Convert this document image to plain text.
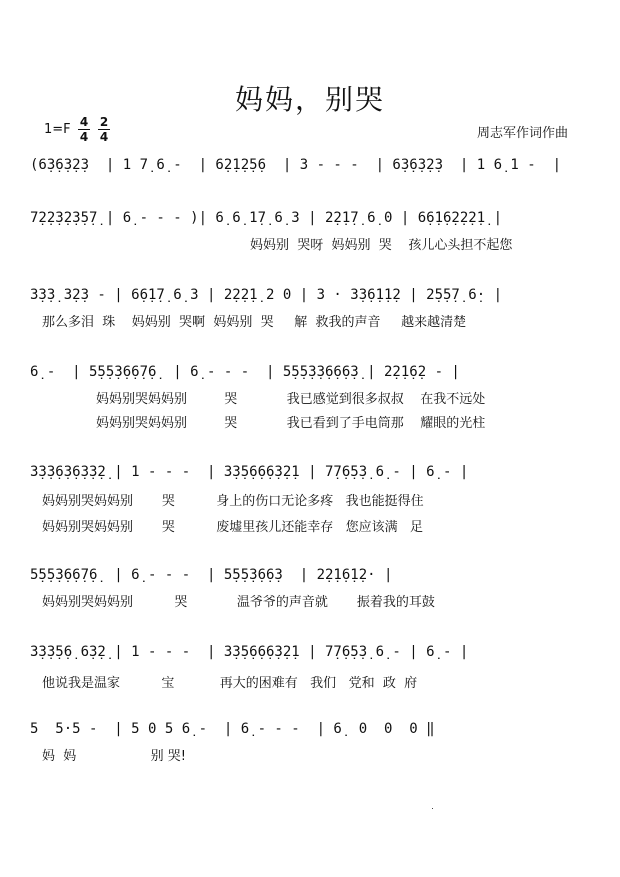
妈妈，别哭
1=F 4
4
2
4	周志军作词作曲
(6̣3̣6̣3̣2̣3  | 1 7̣ 6̣ -  | 6̣2̣1̣2̣5̣6  | 3 - - -  | 6̣3̣6̣3̣2̣3  | 1 6̣ 1 -  |
7̣2̣2̣3̣2̣3̣5̣7̣ | 6̣ - - - )| 6̣ 6̣ 1̣7̣ 6̣ 3 | 2̣2̣1̣7̣ 6̣ 0 | 6̣6̣1̣6̣2̣2̣2̣1̣ |
妈妈别  哭呀  妈妈别  哭    孩儿心头担不起您
3̣3̣3̣ 3̣2̣3 - | 6̣6̣1̣7̣ 6̣ 3 | 2̣2̣2̣1̣ 2 0 | 3 · 3̣3̣6̣1̣1̣2 | 2̣5̣5̣7̣ 6̣· |
那么多泪  珠    妈妈别  哭啊  妈妈别  哭     解  救我的声音     越来越清楚
6̣ -  | 5̣5̣5̣3̣6̣6̣7̣6̣  | 6̣ - - -  | 5̣5̣5̣3̣3̣6̣6̣6̣3̣ | 2̣2̣1̣6̣2 - |
妈妈别哭妈妈别         哭            我已感觉到很多叔叔    在我不远处
妈妈别哭妈妈别         哭            我已看到了手电筒那    耀眼的光柱
3̣3̣3̣6̣3̣6̣3̣3̣2̣ | 1 - - -  | 3̣3̣5̣6̣6̣6̣3̣2̣1 | 7̣7̣6̣5̣3̣ 6̣ - | 6̣ - |
妈妈别哭妈妈别       哭          身上的伤口无论多疼   我也能挺得住
妈妈别哭妈妈别       哭          废墟里孩儿还能幸存   您应该满   足
5̣5̣5̣3̣6̣6̣7̣6̣  | 6̣ - - -  | 5̣5̣5̣3̣6̣6̣3  | 2̣2̣1̣6̣1̣2· |
妈妈别哭妈妈别          哭            温爷爷的声音就       振着我的耳鼓
3̣3̣3̣5̣6̣ 6̣3̣2̣ | 1 - - -  | 3̣3̣5̣6̣6̣6̣3̣2̣1 | 7̣7̣6̣5̣3̣ 6̣ - | 6̣ - |
他说我是温家          宝           再大的困难有   我们   党和  政  府
5  5·5 -  | 5 0 5 6̣ -  | 6̣ - - -  | 6̣  0  0  0 ‖
妈  妈                  别 哭!
